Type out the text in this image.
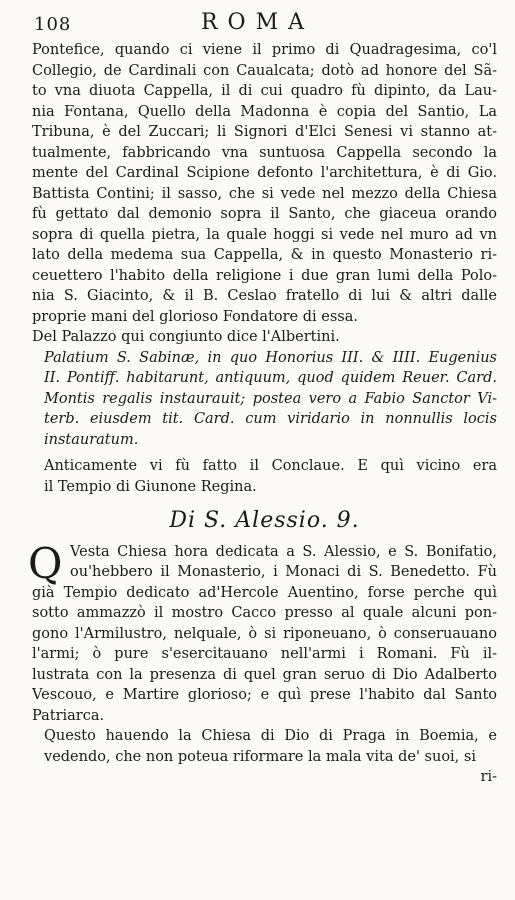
108	ROMA
Pontefice, quando ci viene il primo di Quadragesima, co'l
Collegio, de Cardinali con Caualcata; dotò ad honore del Sã-
to vna diuota Cappella, il di cui quadro fù dipinto, da Lau-
nia Fontana, Quello della Madonna è copia del Santio, La
Tribuna, è del Zuccari; li Signori d'Elci Senesi vi stanno at-
tualmente, fabbricando vna suntuosa Cappella secondo la
mente del Cardinal Scipione defonto l'architettura, è di Gio.
Battista Contini; il sasso, che si vede nel mezzo della Chiesa
fù gettato dal demonio sopra il Santo, che giaceua orando
sopra di quella pietra, la quale hoggi si vede nel muro ad vn
lato della medema sua Cappella, & in questo Monasterio ri-
ceuettero l'habito della religione i due gran lumi della Polo-
nia S. Giacinto, & il B. Ceslao fratello di lui & altri dalle
proprie mani del glorioso Fondatore di essa.
Del Palazzo qui congiunto dice l'Albertini.
Palatium S. Sabinæ, in quo Honorius III. & IIII. Eugenius
II. Pontiff. habitarunt, antiquum, quod quidem Reuer. Card.
Montis regalis instaurauit; postea vero a Fabio Sanctor Vi-
terb. eiusdem tit. Card. cum viridario in nonnullis locis
instauratum.
Anticamente vi fù fatto il Conclaue. E quì vicino era
il Tempio di Giunone Regina.
Di S. Alessio. 9.
Q Vesta Chiesa hora dedicata a S. Alessio, e S. Bonifatio,
ou'hebbero il Monasterio, i Monaci di S. Benedetto. Fù
già Tempio dedicato ad'Hercole Auentino, forse perche quì
sotto ammazzò il mostro Cacco presso al quale alcuni pon-
gono l'Armilustro, nelquale, ò si riponeuano, ò conseruauano
l'armi; ò pure s'esercitauano nell'armi i Romani. Fù il-
lustrata con la presenza di quel gran seruo di Dio Adalberto
Vescouo, e Martire glorioso; e quì prese l'habito dal Santo
Patriarca.
Questo hauendo la Chiesa di Dio di Praga in Boemia, e
vedendo, che non poteua riformare la mala vita de' suoi, si
ri-
